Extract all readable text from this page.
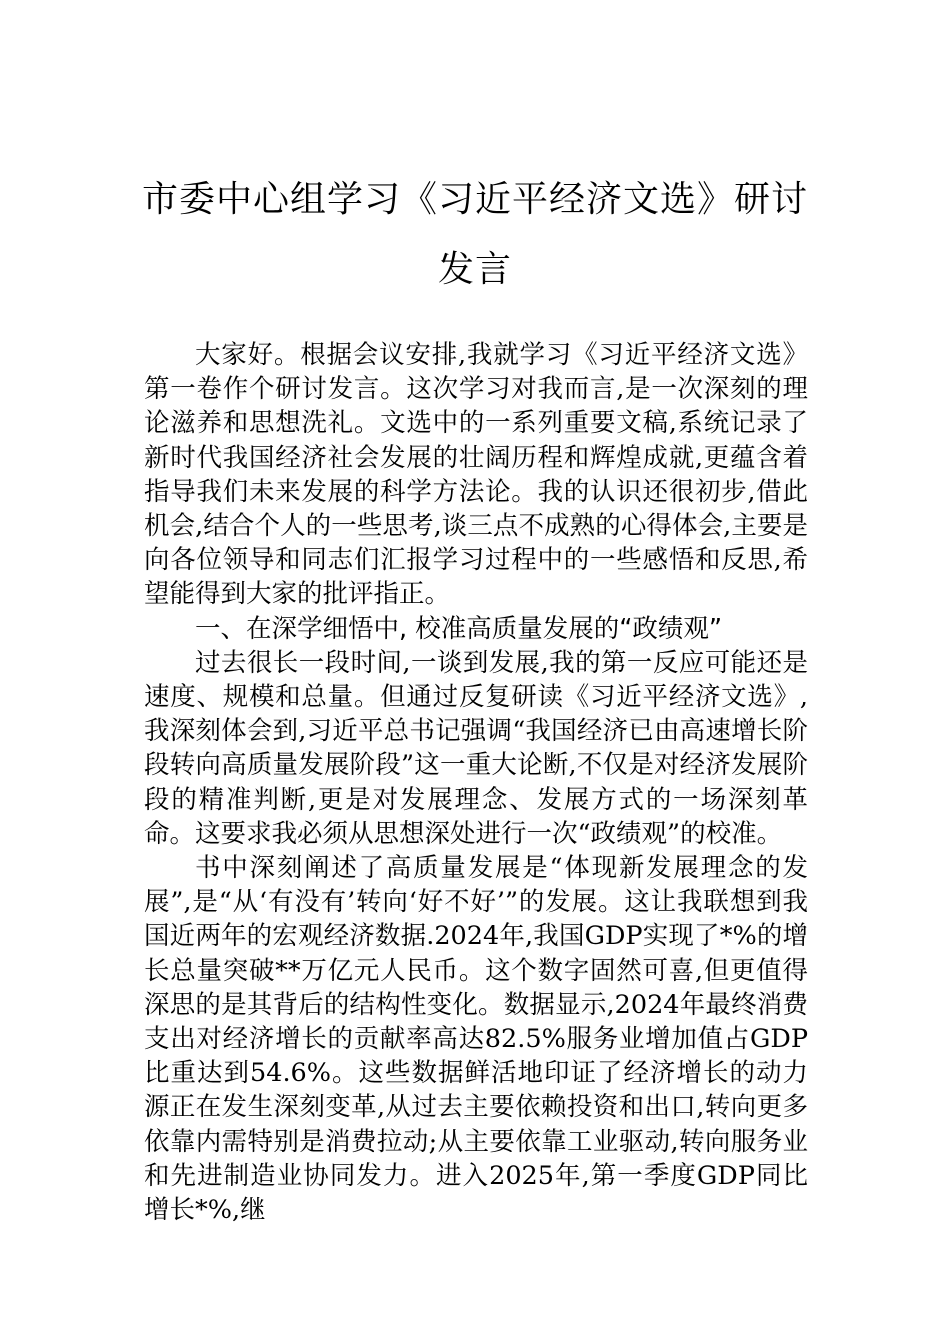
市委中心组学习《习近平经济文选》研讨
发言

大家好。根据会议安排,我就学习《习近平经济文选》第一卷作个研讨发言。这次学习对我而言,是一次深刻的理论滋养和思想洗礼。文选中的一系列重要文稿,系统记录了新时代我国经济社会发展的壮阔历程和辉煌成就,更蕴含着指导我们未来发展的科学方法论。我的认识还很初步,借此机会,结合个人的一些思考,谈三点不成熟的心得体会,主要是向各位领导和同志们汇报学习过程中的一些感悟和反思,希望能得到大家的批评指正。

一、在深学细悟中, 校准高质量发展的“政绩观”

过去很长一段时间,一谈到发展,我的第一反应可能还是速度、规模和总量。但通过反复研读《习近平经济文选》,我深刻体会到,习近平总书记强调“我国经济已由高速增长阶段转向高质量发展阶段”这一重大论断,不仅是对经济发展阶段的精准判断,更是对发展理念、发展方式的一场深刻革命。这要求我必须从思想深处进行一次“政绩观”的校准。

书中深刻阐述了高质量发展是“体现新发展理念的发展”,是“从‘有没有’转向‘好不好’”的发展。这让我联想到我国近两年的宏观经济数据.2024年,我国GDP实现了*%的增长总量突破**万亿元人民币。这个数字固然可喜,但更值得深思的是其背后的结构性变化。数据显示,2024年最终消费支出对经济增长的贡献率高达82.5%服务业增加值占GDP比重达到54.6%。这些数据鲜活地印证了经济增长的动力源正在发生深刻变革,从过去主要依赖投资和出口,转向更多依靠内需特别是消费拉动;从主要依靠工业驱动,转向服务业和先进制造业协同发力。进入2025年,第一季度GDP同比增长*%,继
